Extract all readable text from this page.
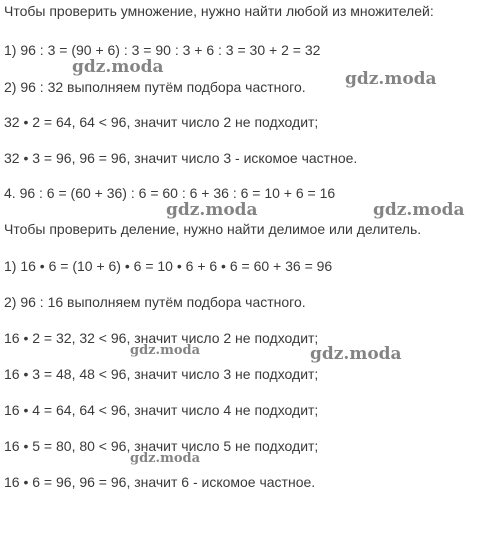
Чтобы проверить умножение, нужно найти любой из множителей:
1) 96 : 3 = (90 + 6) : 3 = 90 : 3 + 6 : 3 = 30 + 2 = 32
2) 96 : 32 выполняем путём подбора частного.
32 • 2 = 64, 64 < 96, значит число 2 не подходит;
32 • 3 = 96, 96 = 96, значит число 3 - искомое частное.
4. 96 : 6 = (60 + 36) : 6 = 60 : 6 + 36 : 6 = 10 + 6 = 16
Чтобы проверить деление, нужно найти делимое или делитель.
1) 16 • 6 = (10 + 6) • 6 = 10 • 6 + 6 • 6 = 60 + 36 = 96
2) 96 : 16 выполняем путём подбора частного.
16 • 2 = 32, 32 < 96, значит число 2 не подходит;
16 • 3 = 48, 48 < 96, значит число 3 не подходит;
16 • 4 = 64, 64 < 96, значит число 4 не подходит;
16 • 5 = 80, 80 < 96, значит число 5 не подходит;
16 • 6 = 96, 96 = 96, значит 6 - искомое частное.
gdz.moda
gdz.moda
gdz.moda	gdz.moda
gdz.moda	gdz.moda
gdz.moda
